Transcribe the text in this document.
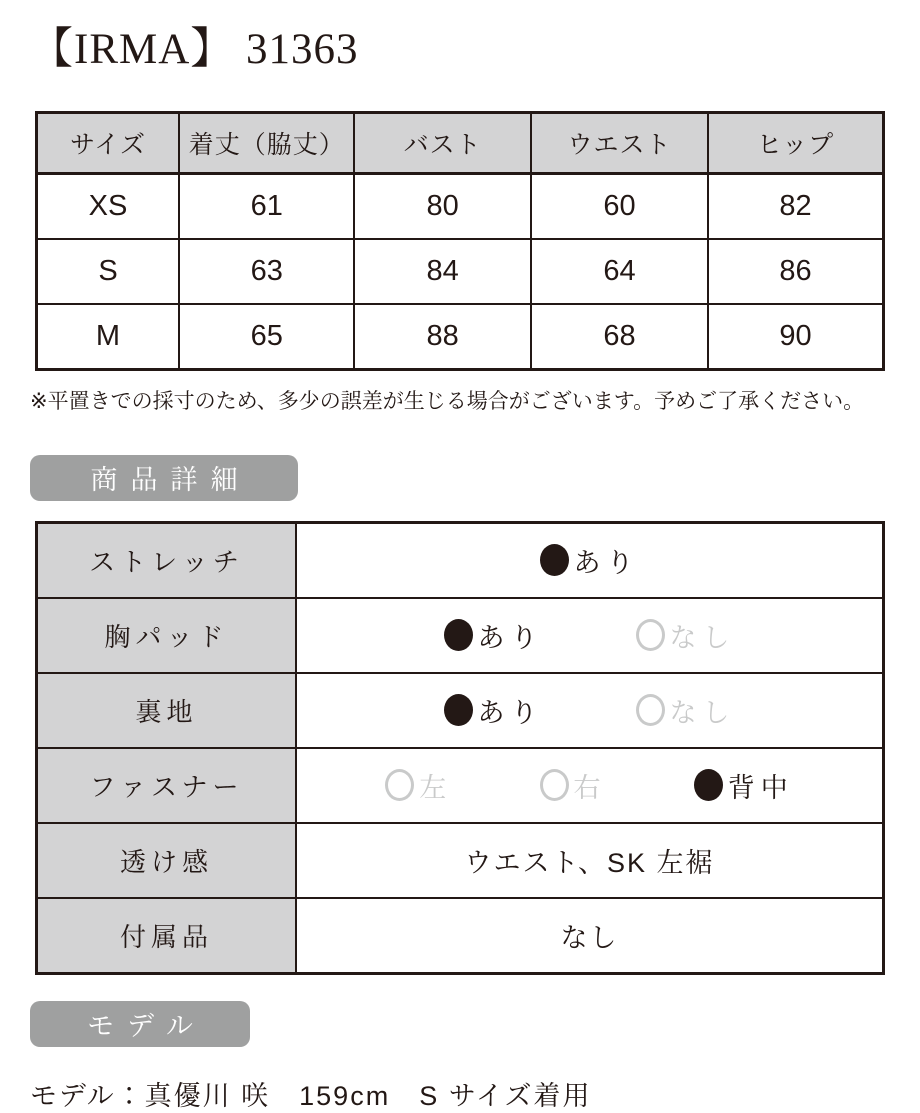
【IRMA】 31363
サイズ	着丈（脇丈）	バスト	ウエスト	ヒップ
XS	61	80	60	82
S	63	84	64	86
M	65	88	68	90

※平置きでの採寸のため、多少の誤差が生じる場合がございます。予めご了承ください。

商品詳細
ストレッチ	あり

胸パッド	あり なし

裏地	あり なし

ファスナー	左 右 背中

透け感	ウエスト、SK 左裾
付属品	なし
モデル

モデル：真優川 咲　159cm　S サイズ着用
